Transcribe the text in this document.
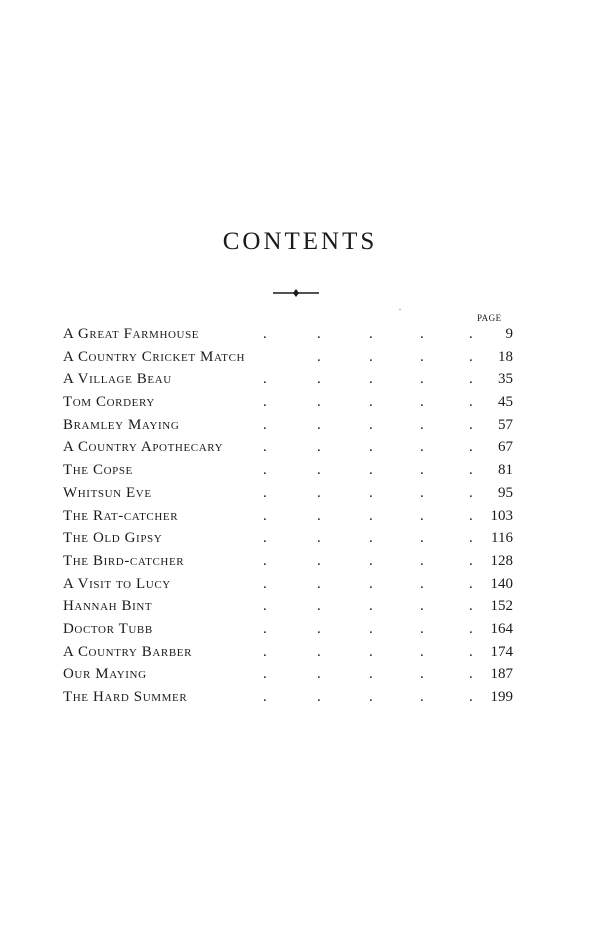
CONTENTS
PAGE
A Great Farmhouse	.	.	.	.	.	9
A Country Cricket Match	.	.	.	.	18
A Village Beau	.	.	.	.	.	35
Tom Cordery	.	.	.	.	.	45
Bramley Maying	.	.	.	.	.	57
A Country Apothecary	.	.	.	.	.	67
The Copse	.	.	.	.	.	81
Whitsun Eve	.	.	.	.	.	95
The Rat-catcher	.	.	.	.	.	103
The Old Gipsy	.	.	.	.	.	116
The Bird-catcher	.	.	.	.	.	128
A Visit to Lucy	.	.	.	.	.	140
Hannah Bint	.	.	.	.	.	152
Doctor Tubb	.	.	.	.	.	164
A Country Barber	.	.	.	.	.	174
Our Maying	.	.	.	.	.	187
The Hard Summer	.	.	.	.	.	199
.
